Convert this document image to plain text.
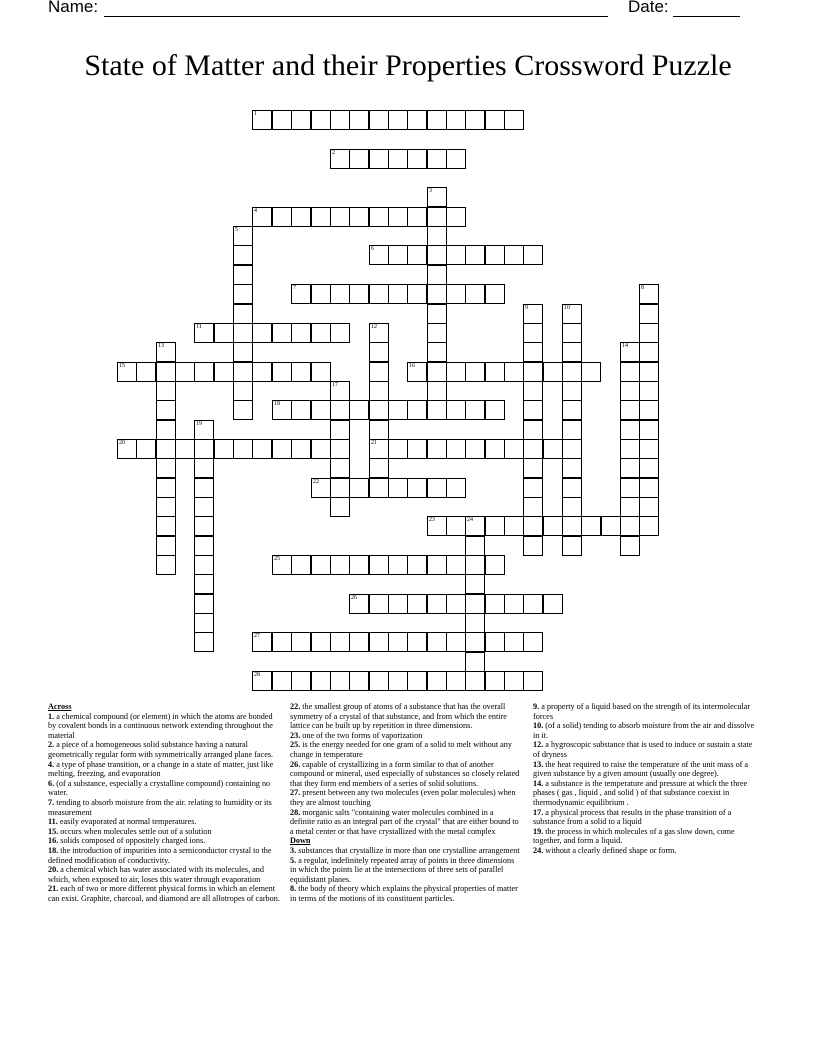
Name:	Date:
State of Matter and their Properties Crossword Puzzle
1
2
3
4
5
6
7	8
9	10
11	12
21
13	14
15	16
17
18
19
20
22
23	24
25
26
27
28

Across

1. a chemical compound (or element) in which the atoms are bonded by covalent bonds in a continuous network extending throughout the material

2. a piece of a homogeneous solid substance having a natural geometrically regular form with symmetrically arranged plane faces.

4. a type of phase transition, or a change in a state of matter, just like melting, freezing, and evaporation

6. (of a substance, especially a crystalline compound) containing no water.

7. tending to absorb moisture from the air. relating to humidity or its measurement

11. easily evaporated at normal temperatures.

15. occurs when molecules settle out of a solution

16. solids composed of oppositely charged ions.

18. the introduction of impurities into a semiconductor crystal to the defined modification of conductivity.

20. a chemical which has water associated with its molecules, and which, when exposed to air, loses this water through evaporation

21. each of two or more different physical forms in which an element can exist. Graphite, charcoal, and diamond are all allotropes of carbon.

22. the smallest group of atoms of a substance that has the overall symmetry of a crystal of that substance, and from which the entire lattice can be built up by repetition in three dimensions.

23. one of the two forms of vaporization

25. is the energy needed for one gram of a solid to melt without any change in temperature

26. capable of crystallizing in a form similar to that of another compound or mineral, used especially of substances so closely related that they form end members of a series of solid solutions.

27. present between any two molecules (even polar molecules) when they are almost touching

28. morganic salts "containing water molecules combined in a definite ratio as an integral part of the crystal" that are either bound to a metal center or that have crystallized with the metal complex

Down

3. substances that crystallize in more than one crystalline arrangement

5. a regular, indefinitely repeated array of points in three dimensions in which the points lie at the intersections of three sets of parallel equidistant planes.

8. the body of theory which explains the physical properties of matter in terms of the motions of its constituent particles.

9. a property of a liquid based on the strength of its intermolecular forces

10. (of a solid) tending to absorb moisture from the air and dissolve in it.

12. a hygroscopic substance that is used to induce or sustain a state of dryness

13. the heat required to raise the temperature of the unit mass of a given substance by a given amount (usually one degree).

14. a substance is the temperature and pressure at which the three phases ( gas , liquid , and solid ) of that substance coexist in thermodynamic equilibrium .

17. a physical process that results in the phase transition of a substance from a solid to a liquid

19. the process in which molecules of a gas slow down, come together, and form a liquid.

24. without a clearly defined shape or form.
